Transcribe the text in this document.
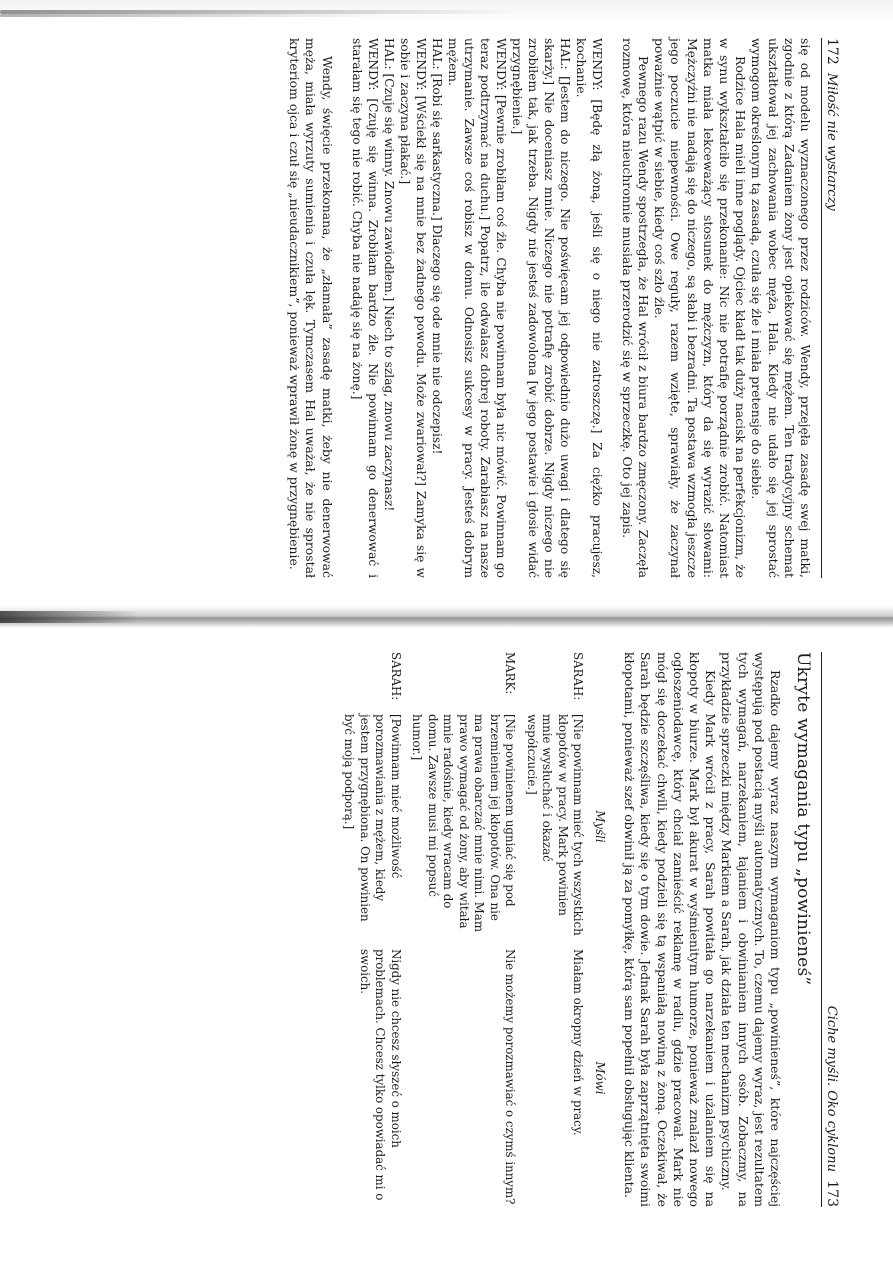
172  Miłość nie wystarczy

się od modelu wyznaczonego przez rodziców. Wendy, przejęła zasadę swej matki, zgodnie z którą Zadaniem żony jest opiekować się mężem. Ten tradycyjny schemat ukształtował jej zachowania wobec męża, Hala. Kiedy nie udało się jej sprostać wymogom określonym tą zasadą, czuła się źle i miała pretensje do siebie.

Rodzice Hala mieli inne poglądy. Ojciec kładł tak duży nacisk na perfekcjonizm, że w synu wykształciło się przekonanie: Nic nie potrafię porządnie zrobić. Natomiast matka miała lekceważący stosunek do mężczyzn, który da się wyrazić słowami: Mężczyźni nie nadają się do niczego, są słabi i bezradni. Ta postawa wzmogła jeszcze jego poczucie niepewności. Owe reguły, razem wzięte, sprawiały, że zaczynał poważnie wątpić w siebie, kiedy coś szło źle.

Pewnego razu Wendy spostrzegła, że Hal wrócił z biura bardzo zmęczony. Zaczęła rozmowę, która nieuchronnie musiała przerodzić się w sprzeczkę. Oto jej zapis.

WENDY: [Będę złą żoną, jeśli się o niego nie zatroszczę.] Za ciężko pracujesz, kochanie.

HAL: [Jestem do niczego. Nie poświęcam jej odpowiednio dużo uwagi i dlatego się skarży.] Nie doceniasz mnie. Niczego nie potrafię zrobić dobrze. Nigdy niczego nie zrobiłem tak, jak trzeba. Nigdy nie jesteś zadowolona [w jego postawie i głosie widać przygnębienie.]

WENDY: [Pewnie zrobiłam coś źle. Chyba nie powinnam była nic mówić. Powinnam go teraz podtrzymać na duchu.] Popatrz, ile odwalasz dobrej roboty. Zarabiasz na nasze utrzymanie. Zawsze coś robisz w domu. Odnosisz sukcesy w pracy. Jesteś dobrym mężem.

HAL: [Robi się sarkastyczna.] Dlaczego się ode mnie nie odczepisz!

WENDY: [Wściekł się na mnie bez żadnego powodu. Może zwariował?] Zamyka się w sobie i zaczyna płakać.]

HAL: [Czuje się winny. Znowu zawiodłem.] Niech to szlag, znowu zaczynasz!

WENDY: [Czuję się winna. Zrobiłam bardzo źle. Nie powinnam go denerwować i starałam się tego nie robić. Chyba nie nadaję się na żonę.]

Wendy, święcie przekonana, że „złamała” zasadę matki, żeby nie denerwować męża, miała wyrzuty sumienia i czuła lęk. Tymczasem Hal uważał, że nie sprostał kryteriom ojca i czuł się „nieudacznikiem”, ponieważ wprawił żonę w przygnębienie.

Ciche myśli. Oko cyklonu  173
Ukryte wymagania typu „powinieneś”

Rzadko dajemy wyraz naszym wymaganiom typu „powinieneś”, które najczęściej występują pod postacią myśli automatycznych. To, czemu dajemy wyraz, jest rezultatem tych wymagań, narzekaniem, łajaniem i obwinianiem innych osób. Zobaczmy, na przykładzie sprzeczki między Markiem a Sarah, jak działa ten mechanizm psychiczny.

Kiedy Mark wrócił z pracy, Sarah powitała go narzekaniem i użalaniem się na kłopoty w biurze. Mark był akurat w wyśmienitym humorze, ponieważ znalazł nowego ogłoszeniodawcę, który chciał zamieścić reklamę w radiu, gdzie pracował. Mark nie mógł się doczekać chwili, kiedy podzieli się tą wspaniałą nowiną z żoną. Oczekiwał, że Sarah będzie szczęśliwa, kiedy się o tym dowie. Jednak Sarah była zaprzątnięta swoimi kłopotami, ponieważ szef obwinił ją za pomyłkę, którą sam popełnił obsługując klienta.

Myśli
Mówi
SARAH:
[Nie powinnam mieć tych wszystkich kłopotów w pracy. Mark powinien mnie wysłuchać i okazać współczucie.]
Miałam okropny dzień w pracy.
MARK:
[Nie powinienem ugniać się pod brzemieniem jej kłopotów. Ona nie ma prawa obarczać mnie nimi. Mam prawo wymagać od żony, aby witała mnie radośnie, kiedy wracam do domu. Zawsze musi mi popsuć humor.]
Nie możemy porozmawiać o czymś innym?
SARAH:
[Powinnam mieć możliwość porozmawiania z mężem, kiedy jestem przygnębiona. On powinien być moją podporą.]
Nigdy nie chcesz słyszeć o moich problemach. Chcesz tylko opowiadać mi o swoich.
